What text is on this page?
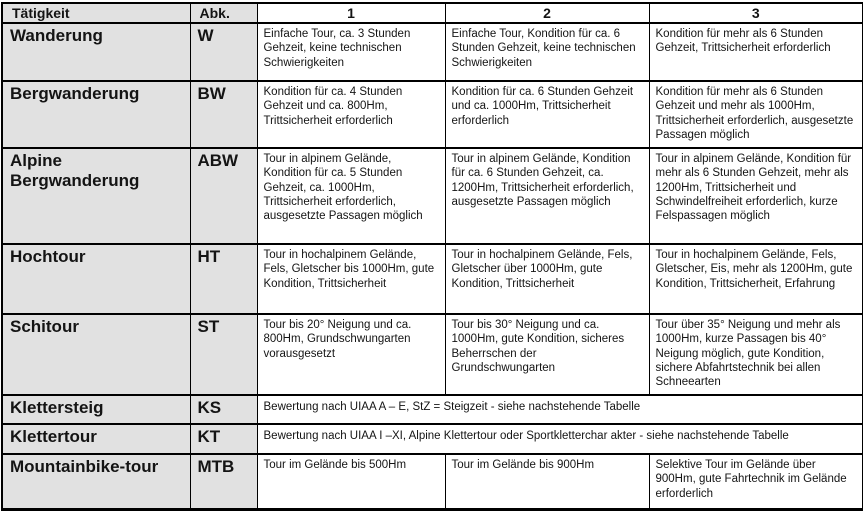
Tätigkeit	Abk.	1	2	3
Wanderung	W	Einfache Tour, ca. 3 Stunden Gehzeit, keine technischen Schwierigkeiten	Einfache Tour, Kondition für ca. 6 Stunden Gehzeit, keine technischen Schwierigkeiten	Kondition für mehr als 6 Stunden Gehzeit, Trittsicherheit erforderlich
Bergwanderung	BW	Kondition für ca. 4 Stunden Gehzeit und ca. 800Hm, Trittsicherheit erforderlich	Kondition für ca. 6 Stunden Gehzeit und ca. 1000Hm, Trittsicherheit erforderlich	Kondition für mehr als 6 Stunden Gehzeit und mehr als 1000Hm, Trittsicherheit erforderlich, ausgesetzte Passagen möglich
Alpine Bergwanderung	ABW	Tour in alpinem Gelände, Kondition für ca. 5 Stunden Gehzeit, ca. 1000Hm, Trittsicherheit erforderlich, ausgesetzte Passagen möglich	Tour in alpinem Gelände, Kondition für ca. 6 Stunden Gehzeit, ca. 1200Hm, Trittsicherheit erforderlich, ausgesetzte Passagen möglich	Tour in alpinem Gelände, Kondition für mehr als 6 Stunden Gehzeit, mehr als 1200Hm, Trittsicherheit und Schwindelfreiheit erforderlich, kurze Felspassagen möglich
Hochtour	HT	Tour in hochalpinem Gelände, Fels, Gletscher bis 1000Hm, gute Kondition, Trittsicherheit	Tour in hochalpinem Gelände, Fels, Gletscher über 1000Hm, gute Kondition, Trittsicherheit	Tour in hochalpinem Gelände, Fels, Gletscher, Eis, mehr als 1200Hm, gute Kondition, Trittsicherheit, Erfahrung
Schitour	ST	Tour bis 20° Neigung und ca. 800Hm, Grundschwungarten vorausgesetzt	Tour bis 30° Neigung und ca. 1000Hm, gute Kondition, sicheres Beherrschen der Grundschwungarten	Tour über 35° Neigung und mehr als 1000Hm, kurze Passagen bis 40° Neigung möglich, gute Kondition, sichere Abfahrtstechnik bei allen Schneearten
Klettersteig	KS	Bewertung nach UIAA A – E, StZ = Steigzeit - siehe nachstehende Tabelle		
Klettertour	KT	Bewertung nach UIAA I –XI, Alpine Klettertour oder Sportkletterchar akter - siehe nachstehende Tabelle		
Mountainbike-tour	MTB	Tour im Gelände bis 500Hm	Tour im Gelände bis 900Hm	Selektive Tour im Gelände über 900Hm, gute Fahrtechnik im Gelände erforderlich
